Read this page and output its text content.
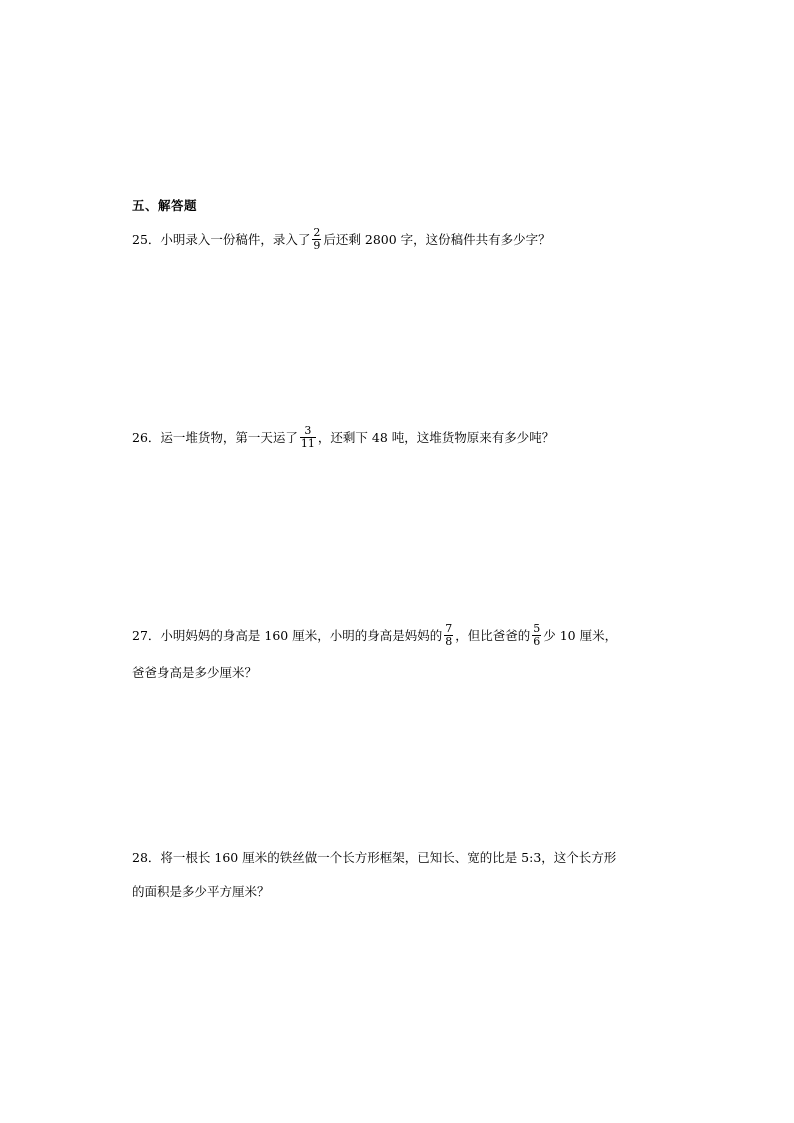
五、解答题
25．小明录入一份稿件，录入了 $\frac{2}{9}$ 后还剩 2800 字，这份稿件共有多少字？
26．运一堆货物，第一天运了 $\frac{3}{11}$ ，还剩下 48 吨，这堆货物原来有多少吨？
27．小明妈妈的身高是 160 厘米，小明的身高是妈妈的 $\frac{7}{8}$ ，但比爸爸的 $\frac{5}{6}$ 少 10 厘米，
爸爸身高是多少厘米？
28．将一根长 160 厘米的铁丝做一个长方形框架，已知长、宽的比是 5:3，这个长方形
的面积是多少平方厘米？
